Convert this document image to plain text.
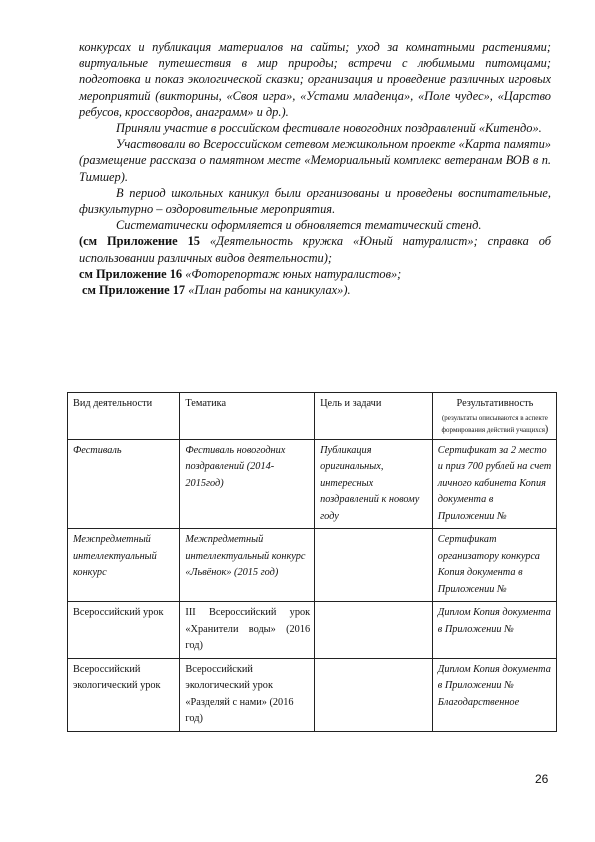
конкурсах и публикация материалов на сайты; уход за комнатными растениями; виртуальные путешествия в мир природы; встречи с любимыми питомцами; подготовка и показ экологической сказки; организация и проведение различных игровых мероприятий (викторины, «Своя игра», «Устами младенца», «Поле чудес», «Царство ребусов, кроссвордов, анаграмм» и др.).

Приняли участие в российском фестивале новогодних поздравлений «Китендо».

Участвовали во Всероссийском сетевом межшкольном проекте «Карта памяти» (размещение рассказа о памятном месте «Мемориальный комплекс ветеранам ВОВ в п. Тимшер).

В период школьных каникул были организованы и проведены воспитательные, физкультурно – оздоровительные мероприятия.

Систематически оформляется и обновляется тематический стенд.

(см Приложение 15 «Деятельность кружка «Юный натуралист»; справка об использовании различных видов деятельности);

см Приложение 16 «Фоторепортаж юных натуралистов»;

см Приложение 17 «План работы на каникулах»).

Вид деятельности	Тематика	Цель и задачи	Результативность

(результаты описываются в аспекте формирования действий учащихся)

Фестиваль	Фестиваль новогодних поздравлений (2014-2015год)	Публикация оригинальных, интересных поздравлений к новому году	Сертификат за 2 место и приз 700 рублей на счет личного кабинета Копия документа в Приложении №
Межпредметный интеллектуальный конкурс	Межпредметный интеллектуальный конкурс «Львёнок» (2015 год)		Сертификат организатору конкурса Копия документа в Приложении №
Всероссийский урок	III Всероссийский урок «Хранители воды» (2016 год)		Диплом Копия документа в Приложении №
Всероссийский экологический урок	Всероссийский экологический урок «Разделяй с нами» (2016 год)		Диплом Копия документа в Приложении № Благодарственное
26
